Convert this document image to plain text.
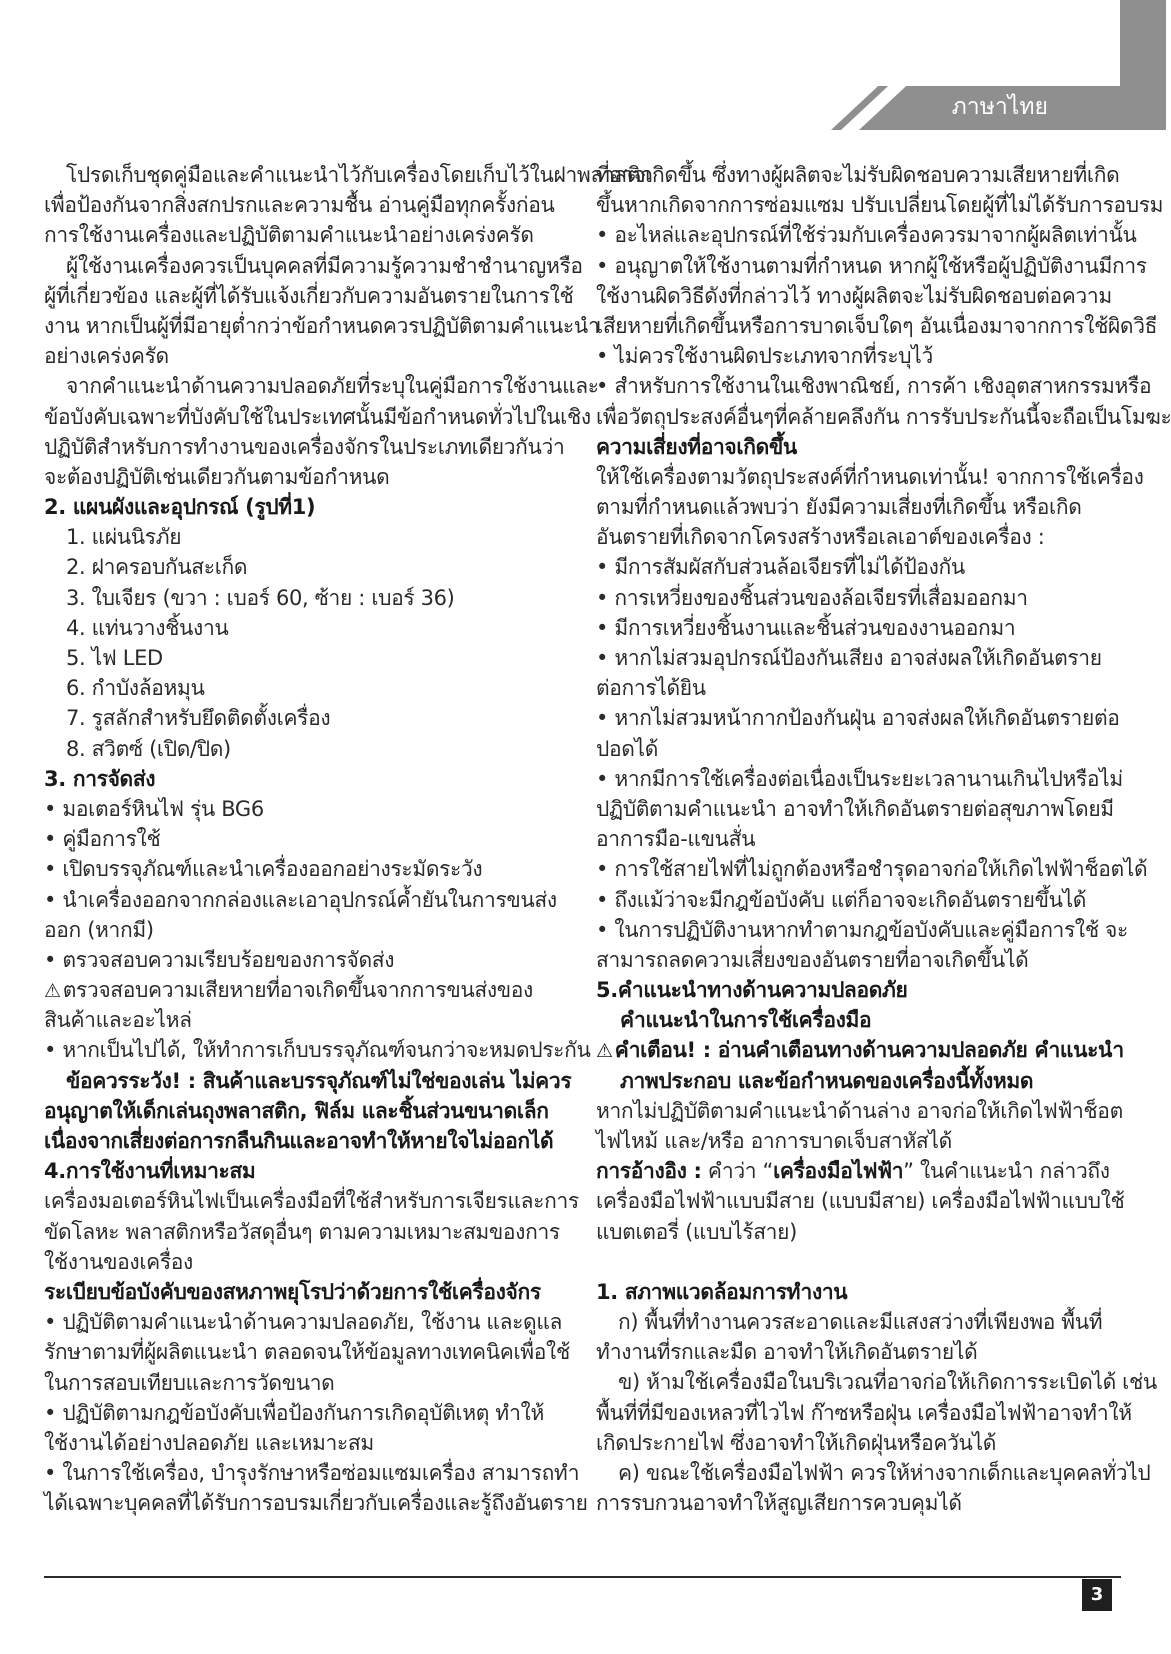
ภาษาไทย
โปรดเก็บชุดคู่มือและคำแนะนำไว้กับเครื่องโดยเก็บไว้ในฝาพลาสติก
เพื่อป้องกันจากสิ่งสกปรกและความชื้น อ่านคู่มือทุกครั้งก่อน
การใช้งานเครื่องและปฏิบัติตามคำแนะนำอย่างเคร่งครัด
ผู้ใช้งานเครื่องควรเป็นบุคคลที่มีความรู้ความชำชำนาญหรือ
ผู้ที่เกี่ยวข้อง และผู้ที่ได้รับแจ้งเกี่ยวกับความอันตรายในการใช้
งาน หากเป็นผู้ที่มีอายุต่ำกว่าข้อกำหนดควรปฏิบัติตามคำแนะนำ
อย่างเคร่งครัด
จากคำแนะนำด้านความปลอดภัยที่ระบุในคู่มือการใช้งานและ
ข้อบังคับเฉพาะที่บังคับใช้ในประเทศนั้นมีข้อกำหนดทั่วไปในเชิง
ปฏิบัติสำหรับการทำงานของเครื่องจักรในประเภทเดียวกันว่า
จะต้องปฏิบัติเช่นเดียวกันตามข้อกำหนด
2. แผนผังและอุปกรณ์ (รูปที่1)
1. แผ่นนิรภัย
2. ฝาครอบกันสะเก็ด
3. ใบเจียร (ขวา : เบอร์ 60, ซ้าย : เบอร์ 36)
4. แท่นวางชิ้นงาน
5. ไฟ LED
6. กำบังล้อหมุน
7. รูสลักสำหรับยึดติดตั้งเครื่อง
8. สวิตซ์ (เปิด/ปิด)
3. การจัดส่ง
• มอเตอร์หินไฟ รุ่น BG6
• คู่มือการใช้
• เปิดบรรจุภัณฑ์และนำเครื่องออกอย่างระมัดระวัง
• นำเครื่องออกจากกล่องและเอาอุปกรณ์ค้ำยันในการขนส่ง
ออก (หากมี)
• ตรวจสอบความเรียบร้อยของการจัดส่ง
⚠ตรวจสอบความเสียหายที่อาจเกิดขึ้นจากการขนส่งของ
สินค้าและอะไหล่
• หากเป็นไปได้, ให้ทำการเก็บบรรจุภัณฑ์จนกว่าจะหมดประกัน
ข้อควรระวัง! : สินค้าและบรรจุภัณฑ์ไม่ใช่ของเล่น ไม่ควร
อนุญาตให้เด็กเล่นถุงพลาสติก, ฟิล์ม และชิ้นส่วนขนาดเล็ก
เนื่องจากเสี่ยงต่อการกลืนกินและอาจทำให้หายใจไม่ออกได้
4.การใช้งานที่เหมาะสม
เครื่องมอเตอร์หินไฟเป็นเครื่องมือที่ใช้สำหรับการเจียรและการ
ขัดโลหะ พลาสติกหรือวัสดุอื่นๆ ตามความเหมาะสมของการ
ใช้งานของเครื่อง
ระเบียบข้อบังคับของสหภาพยุโรปว่าด้วยการใช้เครื่องจักร
• ปฏิบัติตามคำแนะนำด้านความปลอดภัย, ใช้งาน และดูแล
รักษาตามที่ผู้ผลิตแนะนำ ตลอดจนให้ข้อมูลทางเทคนิคเพื่อใช้
ในการสอบเทียบและการวัดขนาด
• ปฏิบัติตามกฎข้อบังคับเพื่อป้องกันการเกิดอุบัติเหตุ ทำให้
ใช้งานได้อย่างปลอดภัย และเหมาะสม
• ในการใช้เครื่อง, บำรุงรักษาหรือซ่อมแซมเครื่อง สามารถทำ
ได้เฉพาะบุคคลที่ได้รับการอบรมเกี่ยวกับเครื่องและรู้ถึงอันตราย
ที่อาจเกิดขึ้น ซึ่งทางผู้ผลิตจะไม่รับผิดชอบความเสียหายที่เกิด
ขึ้นหากเกิดจากการซ่อมแซม ปรับเปลี่ยนโดยผู้ที่ไม่ได้รับการอบรม
• อะไหล่และอุปกรณ์ที่ใช้ร่วมกับเครื่องควรมาจากผู้ผลิตเท่านั้น
• อนุญาตให้ใช้งานตามที่กำหนด หากผู้ใช้หรือผู้ปฏิบัติงานมีการ
ใช้งานผิดวิธีดังที่กล่าวไว้ ทางผู้ผลิตจะไม่รับผิดชอบต่อความ
เสียหายที่เกิดขึ้นหรือการบาดเจ็บใดๆ อันเนื่องมาจากการใช้ผิดวิธี
• ไม่ควรใช้งานผิดประเภทจากที่ระบุไว้
• สำหรับการใช้งานในเชิงพาณิชย์, การค้า เชิงอุตสาหกรรมหรือ
เพื่อวัตถุประสงค์อื่นๆที่คล้ายคลึงกัน การรับประกันนี้จะถือเป็นโมฆะ
ความเสี่ยงที่อาจเกิดขึ้น
ให้ใช้เครื่องตามวัตถุประสงค์ที่กำหนดเท่านั้น! จากการใช้เครื่อง
ตามที่กำหนดแล้วพบว่า ยังมีความเสี่ยงที่เกิดขึ้น หรือเกิด
อันตรายที่เกิดจากโครงสร้างหรือเลเอาต์ของเครื่อง :
• มีการสัมผัสกับส่วนล้อเจียรที่ไม่ได้ป้องกัน
• การเหวี่ยงของชิ้นส่วนของล้อเจียรที่เสื่อมออกมา
• มีการเหวี่ยงชิ้นงานและชิ้นส่วนของงานออกมา
• หากไม่สวมอุปกรณ์ป้องกันเสียง อาจส่งผลให้เกิดอันตราย
ต่อการได้ยิน
• หากไม่สวมหน้ากากป้องกันฝุ่น อาจส่งผลให้เกิดอันตรายต่อ
ปอดได้
• หากมีการใช้เครื่องต่อเนื่องเป็นระยะเวลานานเกินไปหรือไม่
ปฏิบัติตามคำแนะนำ อาจทำให้เกิดอันตรายต่อสุขภาพโดยมี
อาการมือ-แขนสั่น
• การใช้สายไฟที่ไม่ถูกต้องหรือชำรุดอาจก่อให้เกิดไฟฟ้าช็อตได้
• ถึงแม้ว่าจะมีกฎข้อบังคับ แต่ก็อาจจะเกิดอันตรายขึ้นได้
• ในการปฏิบัติงานหากทำตามกฎข้อบังคับและคู่มือการใช้ จะ
สามารถลดความเสี่ยงของอันตรายที่อาจเกิดขึ้นได้
5.คำแนะนำทางด้านความปลอดภัย
คำแนะนำในการใช้เครื่องมือ
⚠คำเตือน! : อ่านคำเตือนทางด้านความปลอดภัย คำแนะนำ
ภาพประกอบ และข้อกำหนดของเครื่องนี้ทั้งหมด
หากไม่ปฏิบัติตามคำแนะนำด้านล่าง อาจก่อให้เกิดไฟฟ้าช็อต
ไฟไหม้ และ/หรือ อาการบาดเจ็บสาหัสได้
การอ้างอิง : คำว่า “เครื่องมือไฟฟ้า” ในคำแนะนำ กล่าวถึง
เครื่องมือไฟฟ้าแบบมีสาย (แบบมีสาย) เครื่องมือไฟฟ้าแบบใช้
แบตเตอรี่ (แบบไร้สาย)
1. สภาพแวดล้อมการทำงาน
ก) พื้นที่ทำงานควรสะอาดและมีแสงสว่างที่เพียงพอ พื้นที่
ทำงานที่รกและมืด อาจทำให้เกิดอันตรายได้
ข) ห้ามใช้เครื่องมือในบริเวณที่อาจก่อให้เกิดการระเบิดได้ เช่น
พื้นที่ที่มีของเหลวที่ไวไฟ ก๊าซหรือฝุ่น เครื่องมือไฟฟ้าอาจทำให้
เกิดประกายไฟ ซึ่งอาจทำให้เกิดฝุ่นหรือควันได้
ค) ขณะใช้เครื่องมือไฟฟ้า ควรให้ห่างจากเด็กและบุคคลทั่วไป
การรบกวนอาจทำให้สูญเสียการควบคุมได้
3
